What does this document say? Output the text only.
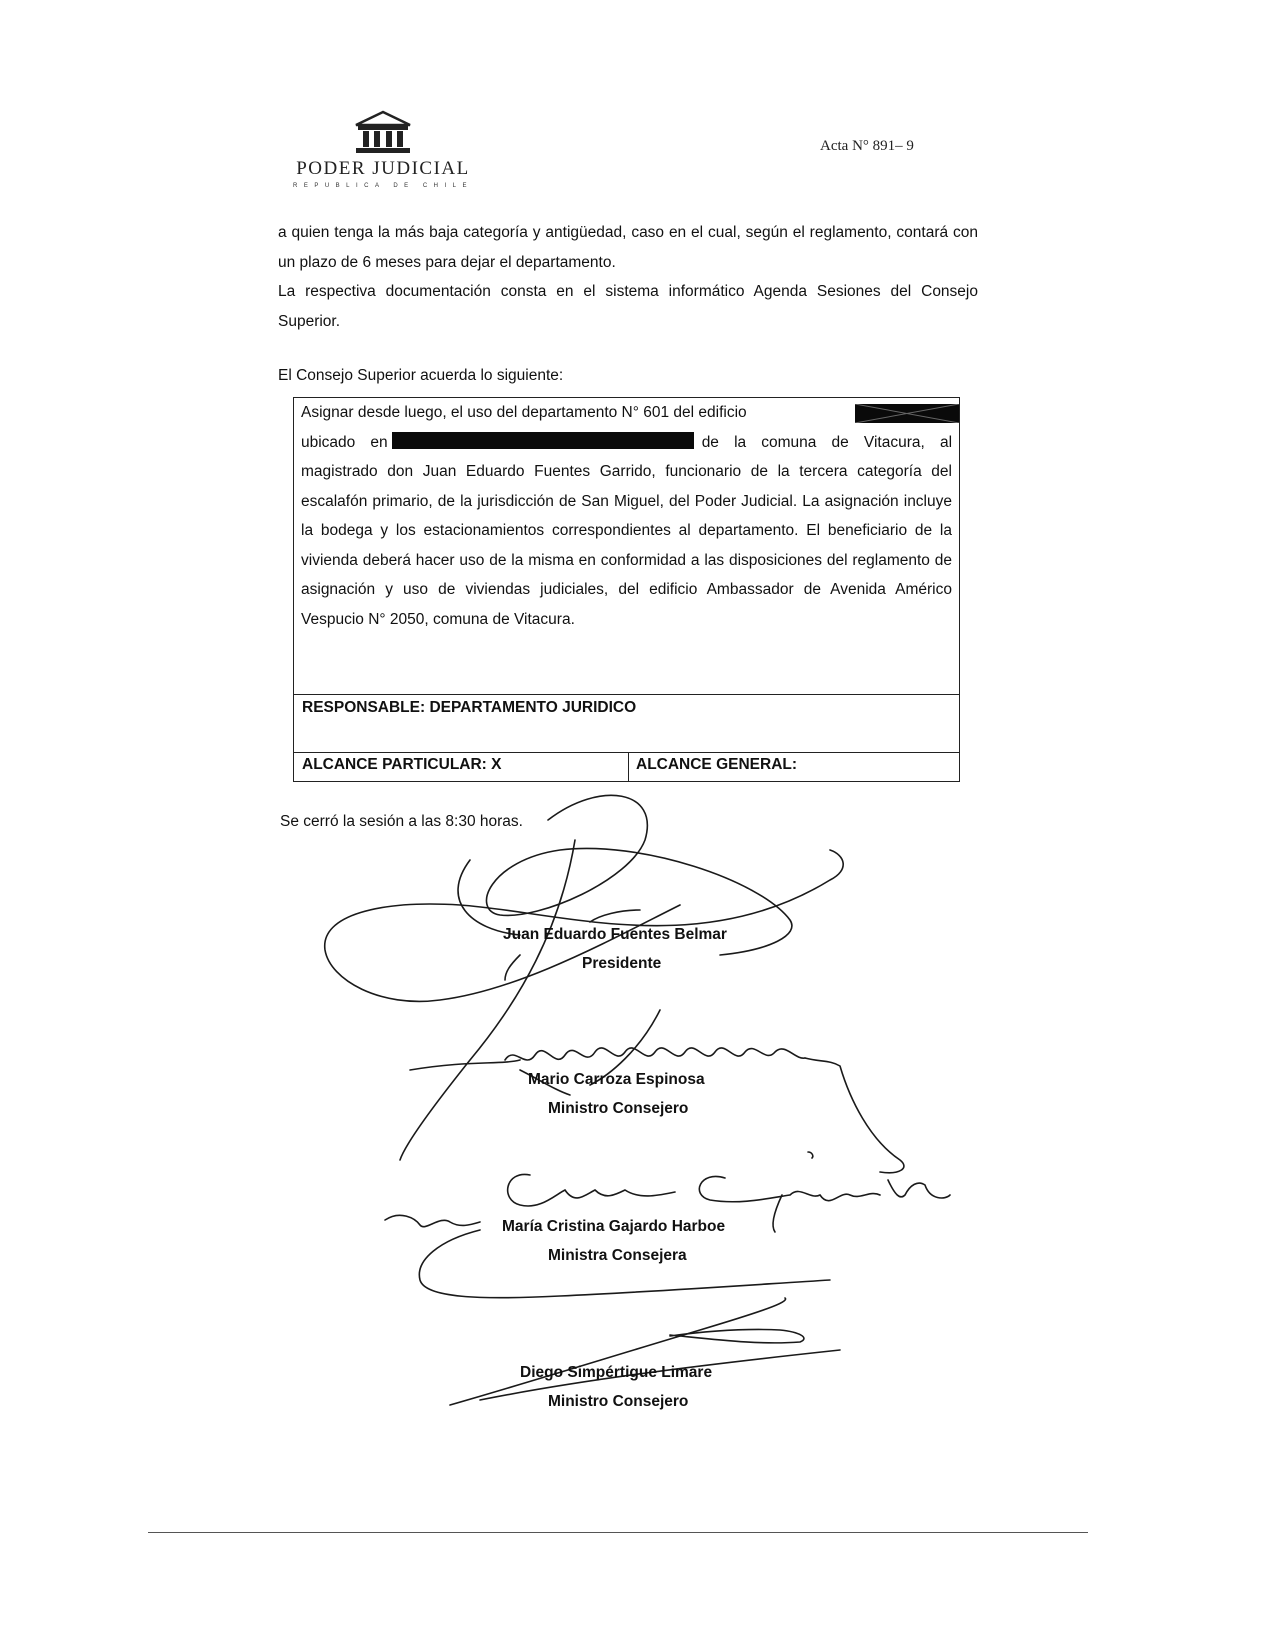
PODER JUDICIAL
REPUBLICA DE CHILE
Acta N° 891– 9

a quien tenga la más baja categoría y antigüedad, caso en el cual, según el reglamento, contará con un plazo de 6 meses para dejar el departamento.

La respectiva documentación consta en el sistema informático Agenda Sesiones del Consejo Superior.

El Consejo Superior acuerda lo siguiente:

Asignar desde luego, el uso del departamento N° 601 del edificio
ubicado en	de la comuna de Vitacura, al magistrado don Juan Eduardo Fuentes Garrido, funcionario de la tercera categoría del escalafón primario, de la jurisdicción de San Miguel, del Poder Judicial. La asignación incluye la bodega y los estacionamientos correspondientes al departamento. El beneficiario de la vivienda deberá hacer uso de la misma en conformidad a las disposiciones del reglamento de asignación y uso de viviendas judiciales, del edificio Ambassador de Avenida Américo Vespucio N° 2050, comuna de Vitacura.

RESPONSABLE: DEPARTAMENTO JURIDICO
ALCANCE PARTICULAR: X	ALCANCE GENERAL:
Se cerró la sesión a las 8:30 horas.
Juan Eduardo Fuentes Belmar
Presidente
Mario Carroza Espinosa
Ministro Consejero
María Cristina Gajardo Harboe
Ministra Consejera
Diego Simpértigue Limare
Ministro Consejero
